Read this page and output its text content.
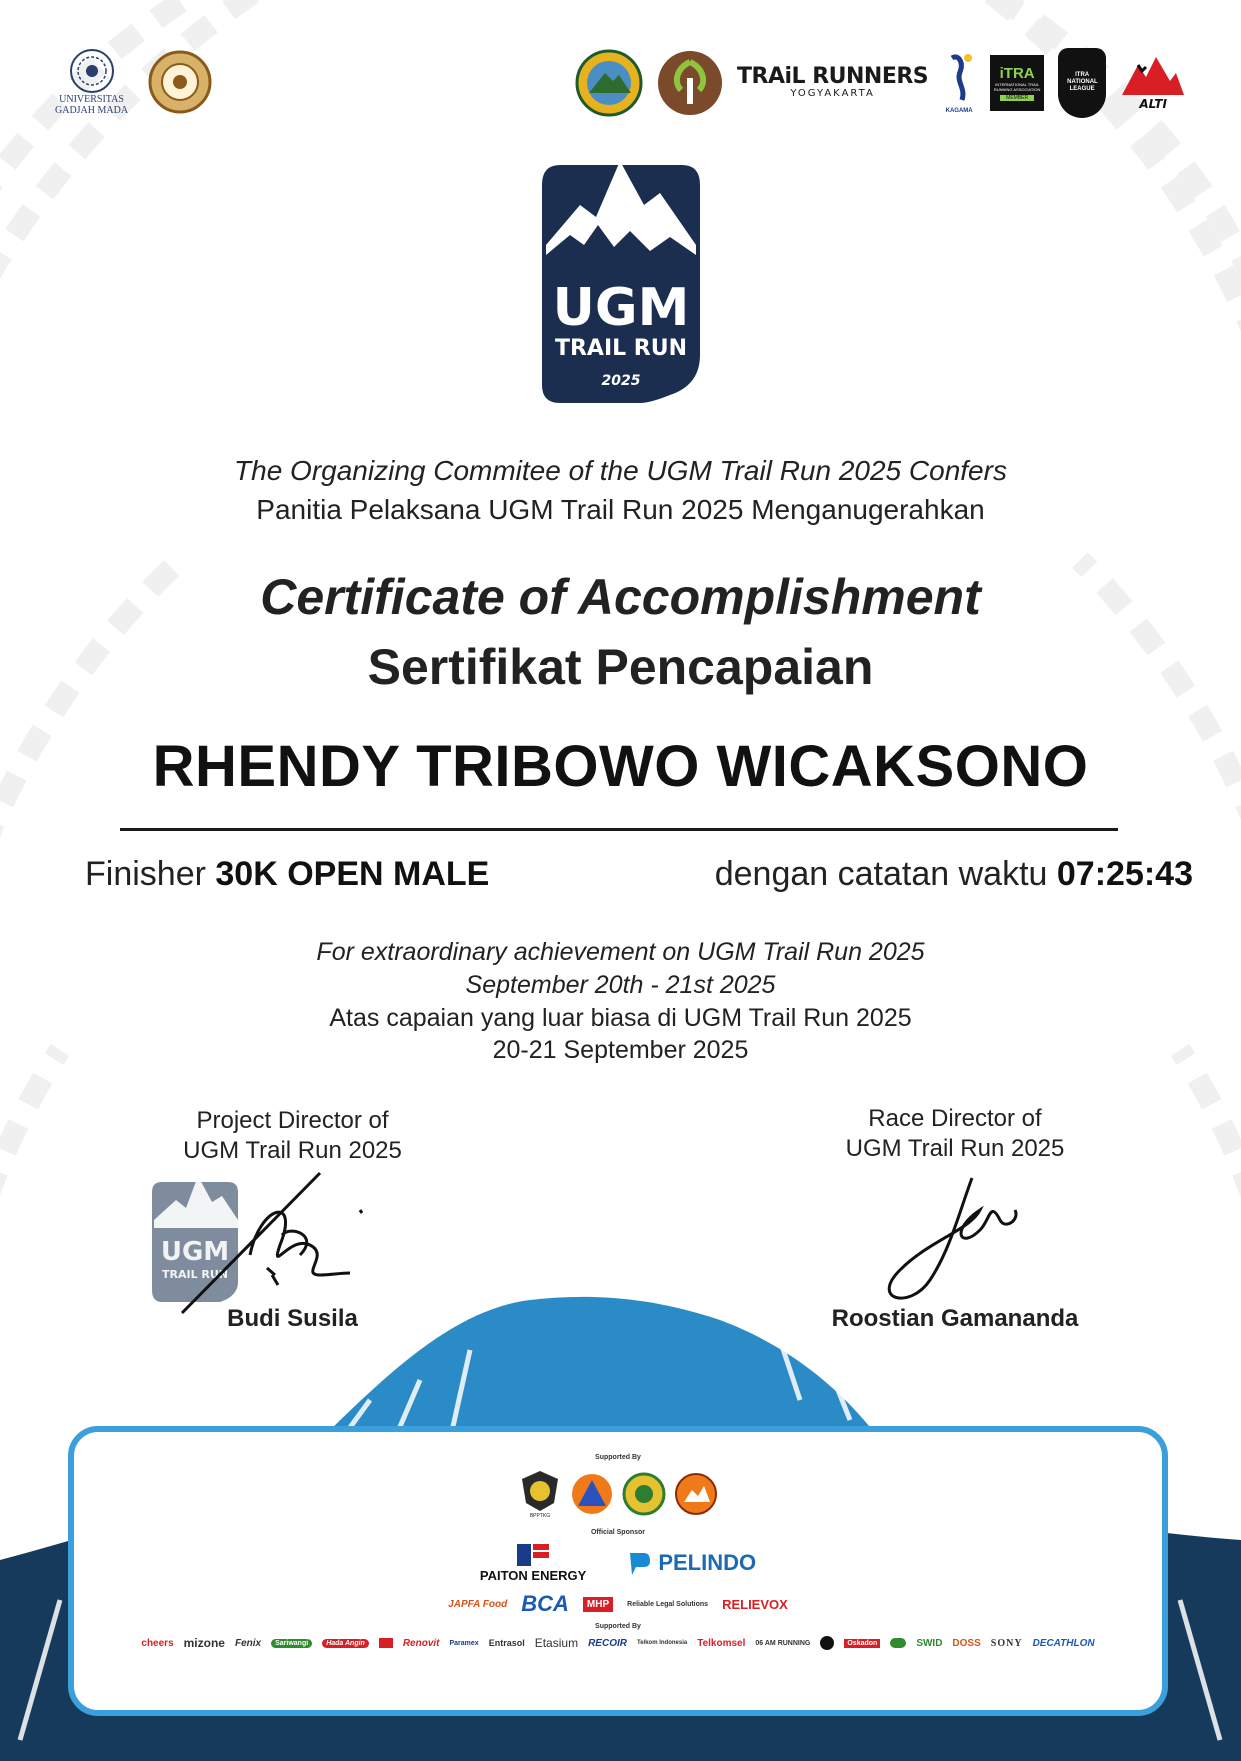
UNIVERSITAS
GADJAH MADA
TRAiL RUNNERS
YOGYAKARTA
KAGAMA
iTRA
INTERNATIONAL TRAIL RUNNING ASSOCIATION
MEMBER
ITRA NATIONAL LEAGUE
ALTI
UGM
TRAIL RUN
2025
The Organizing Commitee of the UGM Trail Run 2025 Confers
Panitia Pelaksana UGM Trail Run 2025 Menganugerahkan
Certificate of Accomplishment
Sertifikat Pencapaian
RHENDY TRIBOWO WICAKSONO
Finisher 30K OPEN MALE	dengan catatan waktu 07:25:43
For extraordinary achievement on UGM Trail Run 2025
September 20th - 21st 2025
Atas capaian yang luar biasa di UGM Trail Run 2025
20-21 September 2025
Project Director of
UGM Trail Run 2025
UGM
TRAIL RUN
Budi Susila
Race Director of
UGM Trail Run 2025
Roostian Gamananda
Supported By
BPPTKG
Official Sponsor
PAITON ENERGY
PELINDO
JAPFA Food BCA	MHP	Reliable Legal Solutions RELIEVOX
Supported By
cheers mizone Fenix	Sariwangi	Hada Angin	Renovit Paramex Entrasol Etasium RECOIR Telkom Indonesia Telkomsel 06 AM RUNNING	Oskadon	SWID DOSS SONY DECATHLON
